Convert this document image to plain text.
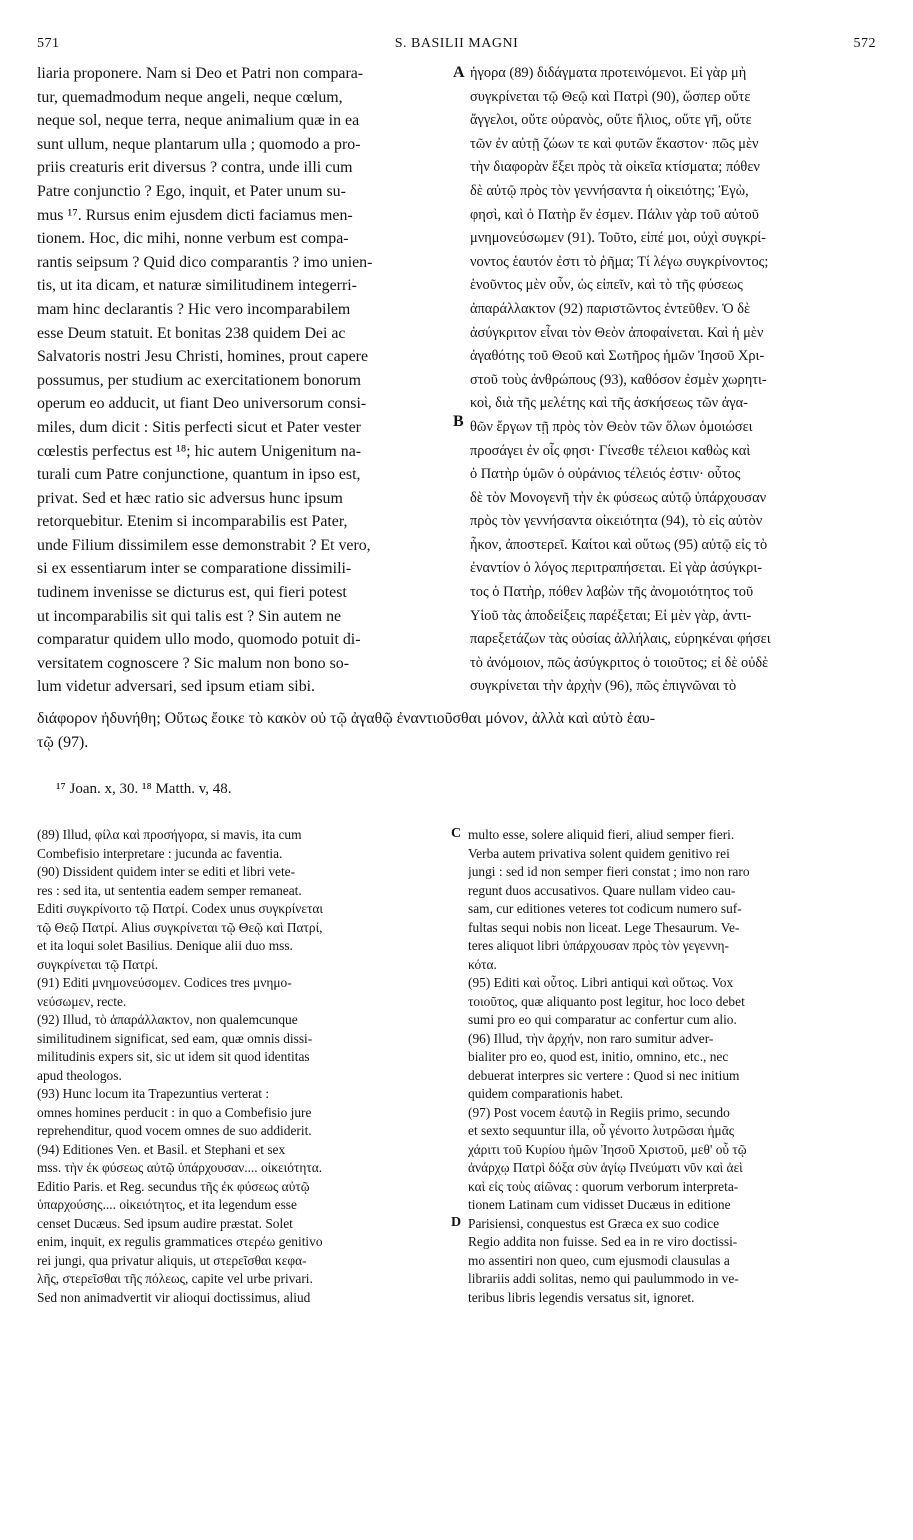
571	S. BASILII MAGNI	572
liaria proponere. Nam si Deo et Patri non compara-
tur, quemadmodum neque angeli, neque cœlum,
neque sol, neque terra, neque animalium quæ in ea
sunt ullum, neque plantarum ulla ; quomodo a pro-
priis creaturis erit diversus ? contra, unde illi cum
Patre conjunctio ? Ego, inquit, et Pater unum su-
mus ¹⁷. Rursus enim ejusdem dicti faciamus men-
tionem. Hoc, dic mihi, nonne verbum est compa-
rantis seipsum ? Quid dico comparantis ? imo unien-
tis, ut ita dicam, et naturæ similitudinem integerri-
mam hinc declarantis ? Hic vero incomparabilem
esse Deum statuit. Et bonitas 238 quidem Dei ac
Salvatoris nostri Jesu Christi, homines, prout capere
possumus, per studium ac exercitationem bonorum
operum eo adducit, ut fiant Deo universorum consi-
miles, dum dicit : Sitis perfecti sicut et Pater vester
cœlestis perfectus est ¹⁸; hic autem Unigenitum na-
turali cum Patre conjunctione, quantum in ipso est,
privat. Sed et hæc ratio sic adversus hunc ipsum
retorquebitur. Etenim si incomparabilis est Pater,
unde Filium dissimilem esse demonstrabit ? Et vero,
si ex essentiarum inter se comparatione dissimili-
tudinem invenisse se dicturus est, qui fieri potest
ut incomparabilis sit qui talis est ? Sin autem ne
comparatur quidem ullo modo, quomodo potuit di-
versitatem cognoscere ? Sic malum non bono so-
lum videtur adversari, sed ipsum etiam sibi.
ἡγορα (89) διδάγματα προτεινόμενοι. Εἰ γὰρ μὴ
συγκρίνεται τῷ Θεῷ καὶ Πατρὶ (90), ὥσπερ οὔτε
ἄγγελοι, οὔτε οὐρανὸς, οὔτε ἥλιος, οὔτε γῆ, οὔτε
τῶν ἐν αὐτῇ ζώων τε καὶ φυτῶν ἕκαστον· πῶς μὲν
τὴν διαφορὰν ἕξει πρὸς τὰ οἰκεῖα κτίσματα; πόθεν
δὲ αὐτῷ πρὸς τὸν γεννήσαντα ἡ οἰκειότης; Ἐγὼ,
φησὶ, καὶ ὁ Πατὴρ ἕν ἐσμεν. Πάλιν γὰρ τοῦ αὐτοῦ
μνημονεύσωμεν (91). Τοῦτο, εἰπέ μοι, οὐχὶ συγκρί-
νοντος ἑαυτόν ἐστι τὸ ῥῆμα; Τί λέγω συγκρίνοντος;
ἑνοῦντος μὲν οὖν, ὡς εἰπεῖν, καὶ τὸ τῆς φύσεως
ἀπαράλλακτον (92) παριστῶντος ἐντεῦθεν. Ὁ δὲ
ἀσύγκριτον εἶναι τὸν Θεὸν ἀποφαίνεται. Καὶ ἡ μὲν
ἀγαθότης τοῦ Θεοῦ καὶ Σωτῆρος ἡμῶν Ἰησοῦ Χρι-
στοῦ τοὺς ἀνθρώπους (93), καθόσον ἐσμὲν χωρητι-
κοὶ, διὰ τῆς μελέτης καὶ τῆς ἀσκήσεως τῶν ἀγα-
θῶν ἔργων τῇ πρὸς τὸν Θεὸν τῶν ὅλων ὁμοιώσει
προσάγει ἐν οἷς φησι· Γίνεσθε τέλειοι καθὼς καὶ
ὁ Πατὴρ ὑμῶν ὁ οὐράνιος τέλειός ἐστιν· οὗτος
δὲ τὸν Μονογενῆ τὴν ἐκ φύσεως αὐτῷ ὑπάρχουσαν
πρὸς τὸν γεννήσαντα οἰκειότητα (94), τὸ εἰς αὐτὸν
ἧκον, ἀποστερεῖ. Καίτοι καὶ οὕτως (95) αὐτῷ εἰς τὸ
ἐναντίον ὁ λόγος περιτραπήσεται. Εἰ γὰρ ἀσύγκρι-
τος ὁ Πατὴρ, πόθεν λαβὼν τῆς ἀνομοιότητος τοῦ
Υἱοῦ τὰς ἀποδείξεις παρέξεται; Εἰ μὲν γὰρ, ἀντι-
παρεξετάζων τὰς οὐσίας ἀλλήλαις, εὑρηκέναι φήσει
τὸ ἀνόμοιον, πῶς ἀσύγκριτος ὁ τοιοῦτος; εἰ δὲ οὐδὲ
συγκρίνεται τὴν ἀρχὴν (96), πῶς ἐπιγνῶναι τὸ
A
B
διάφορον ἠδυνήθη; Οὕτως ἔοικε τὸ κακὸν οὐ τῷ ἀγαθῷ ἐναντιοῦσθαι μόνον, ἀλλὰ καὶ αὐτὸ ἑαυ-
τῷ (97).
¹⁷ Joan. x, 30. ¹⁸ Matth. v, 48.
(89) Illud, φίλα καὶ προσήγορα, si mavis, ita cum
Combefisio interpretare : jucunda ac faventia.
(90) Dissident quidem inter se editi et libri vete-
res : sed ita, ut sententia eadem semper remaneat.
Editi συγκρίνοιτο τῷ Πατρί. Codex unus συγκρίνεται
τῷ Θεῷ Πατρί. Alius συγκρίνεται τῷ Θεῷ καὶ Πατρί,
et ita loqui solet Basilius. Denique alii duo mss.
συγκρίνεται τῷ Πατρί.
(91) Editi μνημονεύσομεν. Codices tres μνημο-
νεύσωμεν, recte.
(92) Illud, τὸ ἀπαράλλακτον, non qualemcunque
similitudinem significat, sed eam, quæ omnis dissi-
militudinis expers sit, sic ut idem sit quod identitas
apud theologos.
(93) Hunc locum ita Trapezuntius verterat :
omnes homines perducit : in quo a Combefisio jure
reprehenditur, quod vocem omnes de suo addiderit.
(94) Editiones Ven. et Basil. et Stephani et sex
mss. τὴν ἐκ φύσεως αὐτῷ ὑπάρχουσαν.... οἰκειότητα.
Editio Paris. et Reg. secundus τῆς ἐκ φύσεως αὐτῷ
ὑπαρχούσης.... οἰκειότητος, et ita legendum esse
censet Ducæus. Sed ipsum audire præstat. Solet
enim, inquit, ex regulis grammatices στερέω genitivo
rei jungi, qua privatur aliquis, ut στερεῖσθαι κεφα-
λῆς, στερεῖσθαι τῆς πόλεως, capite vel urbe privari.
Sed non animadvertit vir alioqui doctissimus, aliud
multo esse, solere aliquid fieri, aliud semper fieri.
Verba autem privativa solent quidem genitivo rei
jungi : sed id non semper fieri constat ; imo non raro
regunt duos accusativos. Quare nullam video cau-
sam, cur editiones veteres tot codicum numero suf-
fultas sequi nobis non liceat. Lege Thesaurum. Ve-
teres aliquot libri ὑπάρχουσαν πρὸς τὸν γεγεννη-
κότα.
(95) Editi καὶ οὗτος. Libri antiqui καὶ οὕτως. Vox
τοιοῦτος, quæ aliquanto post legitur, hoc loco debet
sumi pro eo qui comparatur ac confertur cum alio.
(96) Illud, τὴν ἀρχήν, non raro sumitur adver-
bialiter pro eo, quod est, initio, omnino, etc., nec
debuerat interpres sic vertere : Quod si nec initium
quidem comparationis habet.
(97) Post vocem ἑαυτῷ in Regiis primo, secundo
et sexto sequuntur illa, οὗ γένοιτο λυτρῶσαι ἡμᾶς
χάριτι τοῦ Κυρίου ἡμῶν Ἰησοῦ Χριστοῦ, μεθ' οὗ τῷ
ἀνάρχῳ Πατρὶ δόξα σὺν ἁγίῳ Πνεύματι νῦν καὶ ἀεὶ
καὶ εἰς τοὺς αἰῶνας : quorum verborum interpreta-
tionem Latinam cum vidisset Ducæus in editione
Parisiensi, conquestus est Græca ex suo codice
Regio addita non fuisse. Sed ea in re viro doctissi-
mo assentiri non queo, cum ejusmodi clausulas a
librariis addi solitas, nemo qui paulummodo in ve-
teribus libris legendis versatus sit, ignoret.
C
D
